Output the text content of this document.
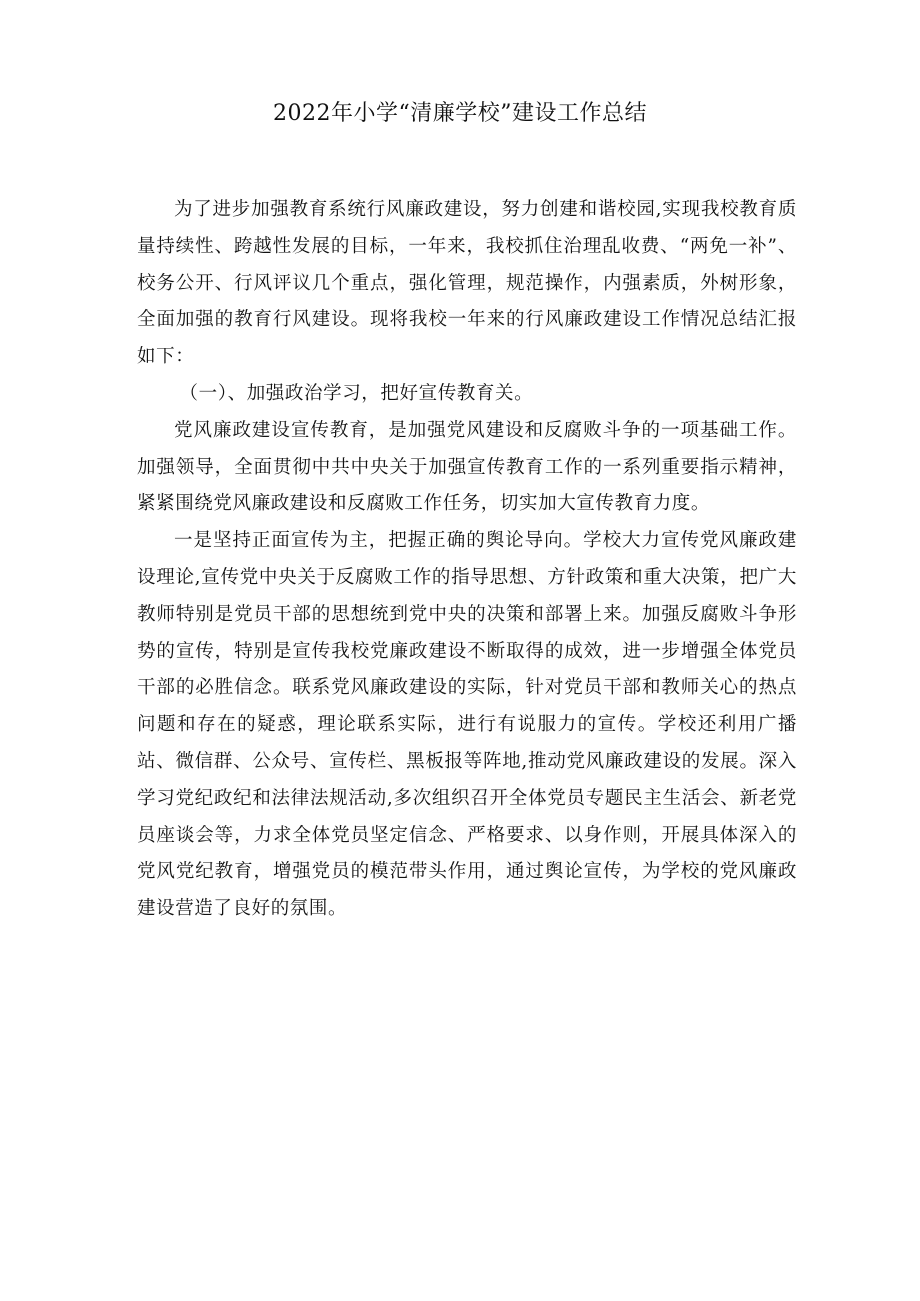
2022年小学“清廉学校”建设工作总结

为了进步加强教育系统行风廉政建设，努力创建和谐校园,实现我校教育质量持续性、跨越性发展的目标，一年来，我校抓住治理乱收费、“两免一补”、校务公开、行风评议几个重点，强化管理，规范操作，内强素质，外树形象，全面加强的教育行风建设。现将我校一年来的行风廉政建设工作情况总结汇报如下：

（一）、加强政治学习，把好宣传教育关。

党风廉政建设宣传教育，是加强党风建设和反腐败斗争的一项基础工作。加强领导，全面贯彻中共中央关于加强宣传教育工作的一系列重要指示精神，紧紧围绕党风廉政建设和反腐败工作任务，切实加大宣传教育力度。

一是坚持正面宣传为主，把握正确的舆论导向。学校大力宣传党风廉政建设理论,宣传党中央关于反腐败工作的指导思想、方针政策和重大决策，把广大教师特别是党员干部的思想统到党中央的决策和部署上来。加强反腐败斗争形势的宣传，特别是宣传我校党廉政建设不断取得的成效，进一步增强全体党员干部的必胜信念。联系党风廉政建设的实际，针对党员干部和教师关心的热点问题和存在的疑惑，理论联系实际，进行有说服力的宣传。学校还利用广播站、微信群、公众号、宣传栏、黑板报等阵地,推动党风廉政建设的发展。深入学习党纪政纪和法律法规活动,多次组织召开全体党员专题民主生活会、新老党员座谈会等，力求全体党员坚定信念、严格要求、以身作则，开展具体深入的党风党纪教育，增强党员的模范带头作用，通过舆论宣传，为学校的党风廉政建设营造了良好的氛围。
